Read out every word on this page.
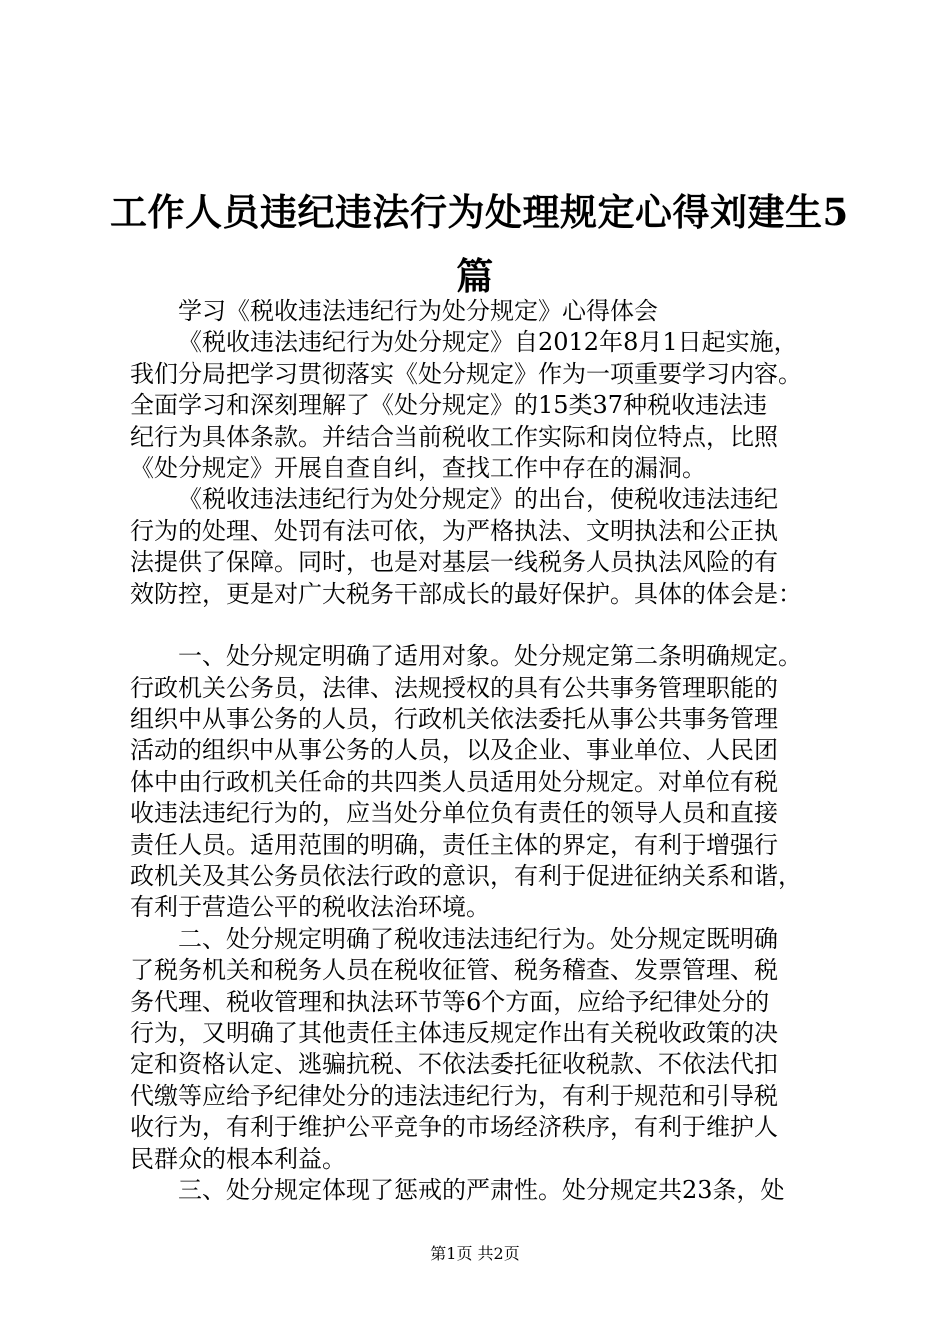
工作人员违纪违法行为处理规定心得刘建生5
篇
学习《税收违法违纪行为处分规定》心得体会
《税收违法违纪行为处分规定》自2012年8月1日起实施，
我们分局把学习贯彻落实《处分规定》作为一项重要学习内容。
全面学习和深刻理解了《处分规定》的15类37种税收违法违
纪行为具体条款。并结合当前税收工作实际和岗位特点，比照
《处分规定》开展自查自纠，查找工作中存在的漏洞。
《税收违法违纪行为处分规定》的出台，使税收违法违纪
行为的处理、处罚有法可依，为严格执法、文明执法和公正执
法提供了保障。同时，也是对基层一线税务人员执法风险的有
效防控，更是对广大税务干部成长的最好保护。具体的体会是：
一、处分规定明确了适用对象。处分规定第二条明确规定。
行政机关公务员，法律、法规授权的具有公共事务管理职能的
组织中从事公务的人员，行政机关依法委托从事公共事务管理
活动的组织中从事公务的人员，以及企业、事业单位、人民团
体中由行政机关任命的共四类人员适用处分规定。对单位有税
收违法违纪行为的，应当处分单位负有责任的领导人员和直接
责任人员。适用范围的明确，责任主体的界定，有利于增强行
政机关及其公务员依法行政的意识，有利于促进征纳关系和谐，
有利于营造公平的税收法治环境。
二、处分规定明确了税收违法违纪行为。处分规定既明确
了税务机关和税务人员在税收征管、税务稽查、发票管理、税
务代理、税收管理和执法环节等6个方面，应给予纪律处分的
行为，又明确了其他责任主体违反规定作出有关税收政策的决
定和资格认定、逃骗抗税、不依法委托征收税款、不依法代扣
代缴等应给予纪律处分的违法违纪行为，有利于规范和引导税
收行为，有利于维护公平竞争的市场经济秩序，有利于维护人
民群众的根本利益。
三、处分规定体现了惩戒的严肃性。处分规定共23条，处
第1页 共2页
